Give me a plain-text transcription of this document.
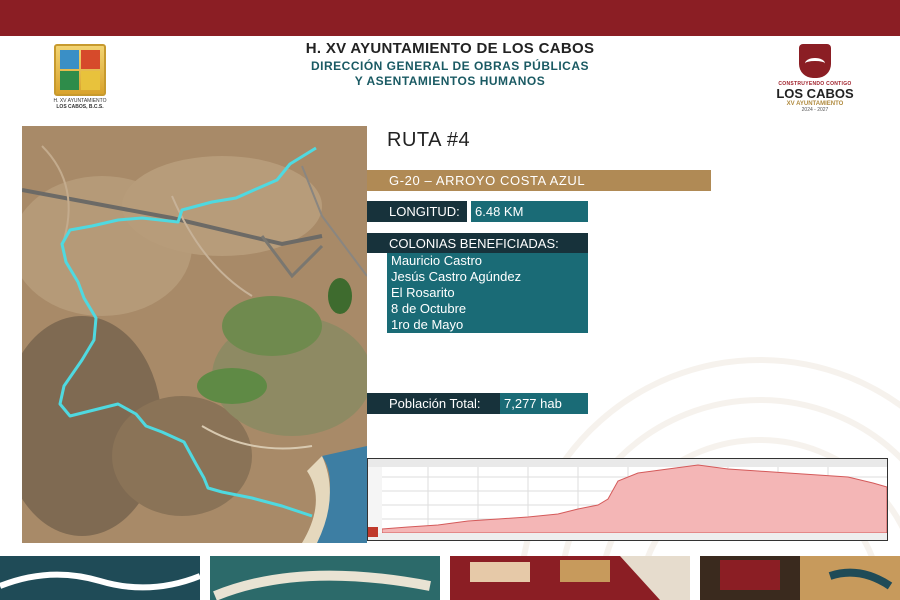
H. XV AYUNTAMIENTO
LOS CABOS, B.C.S.
H. XV AYUNTAMIENTO DE LOS CABOS
DIRECCIÓN GENERAL DE OBRAS PÚBLICAS
Y ASENTAMIENTOS HUMANOS	CONSTRUYENDO CONTIGO
LOS CABOS
XV AYUNTAMIENTO
2024 - 2027
RUTA #4
G-20 – ARROYO COSTA AZUL
LONGITUD:	6.48 KM
COLONIAS BENEFICIADAS:
Mauricio Castro
Jesús Castro Agúndez
El Rosarito
8 de Octubre
1ro de Mayo
Población Total:	7,277 hab
